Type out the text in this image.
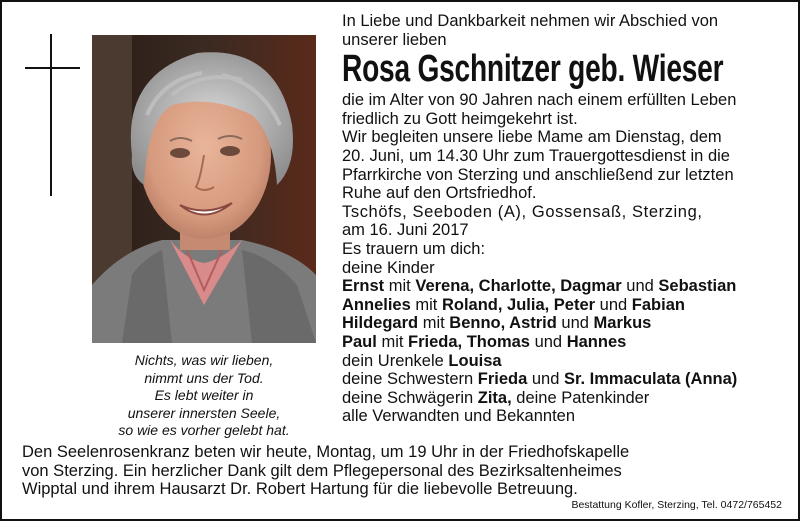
Nichts, was wir lieben,
nimmt uns der Tod.
Es lebt weiter in
unserer innersten Seele,
so wie es vorher gelebt hat.
In Liebe und Dankbarkeit nehmen wir Abschied von
unserer lieben
Rosa Gschnitzer geb. Wieser
die im Alter von 90 Jahren nach einem erfüllten Leben
friedlich zu Gott heimgekehrt ist.
Wir begleiten unsere liebe Mame am Dienstag, dem
20. Juni, um 14.30 Uhr zum Trauergottesdienst in die
Pfarrkirche von Sterzing und anschließend zur letzten
Ruhe auf den Ortsfriedhof.
Tschöfs, Seeboden (A), Gossensaß, Sterzing,
am 16. Juni 2017
Es trauern um dich:
deine Kinder
Ernst mit Verena, Charlotte, Dagmar und Sebastian
Annelies mit Roland, Julia, Peter und Fabian
Hildegard mit Benno, Astrid und Markus
Paul mit Frieda, Thomas und Hannes
dein Urenkele Louisa
deine Schwestern Frieda und Sr. Immaculata (Anna)
deine Schwägerin Zita, deine Patenkinder
alle Verwandten und Bekannten
Den Seelenrosenkranz beten wir heute, Montag, um 19 Uhr in der Friedhofskapelle
von Sterzing. Ein herzlicher Dank gilt dem Pflegepersonal des Bezirksaltenheimes
Wipptal und ihrem Hausarzt Dr. Robert Hartung für die liebevolle Betreuung.
Bestattung Kofler, Sterzing, Tel. 0472/765452
